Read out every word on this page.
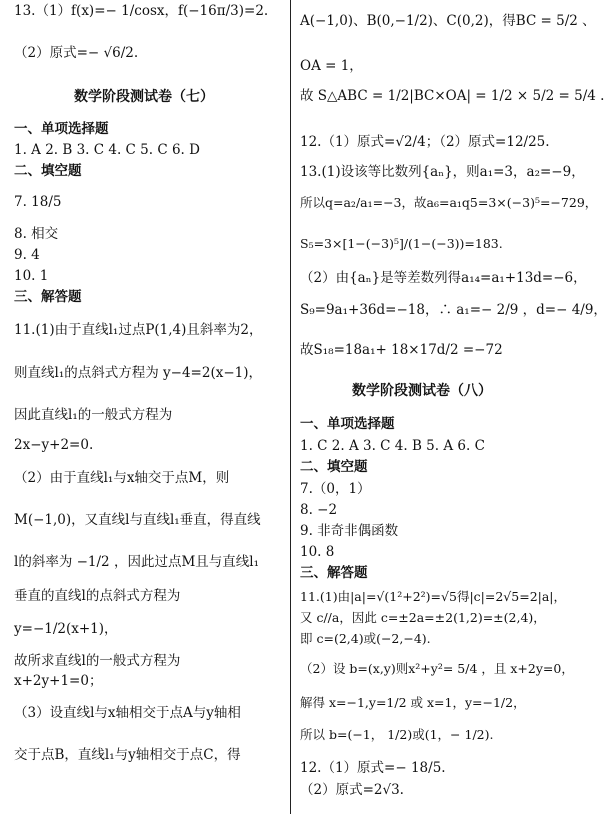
13.（1）f(x)=− 1/cosx，f(−16π/3)=2.
（2）原式=− √6/2.
数学阶段测试卷（七）
一、单项选择题
1. A 2. B 3. C 4. C 5. C 6. D
二、填空题
7. 18/5
8. 相交
9. 4
10. 1
三、解答题
11.(1)由于直线l₁过点P(1,4)且斜率为2，
则直线l₁的点斜式方程为 y−4=2(x−1)，
因此直线l₁的一般式方程为
2x−y+2=0.
（2）由于直线l₁与x轴交于点M，则
M(−1,0)，又直线l与直线l₁垂直，得直线
l的斜率为 −1/2 ，因此过点M且与直线l₁
垂直的直线l的点斜式方程为
y=−1/2(x+1)，
故所求直线l的一般式方程为
x+2y+1=0；
（3）设直线l与x轴相交于点A与y轴相
交于点B，直线l₁与y轴相交于点C，得
A(−1,0)、B(0,−1/2)、C(0,2)，得BC = 5/2 、
OA = 1，
故 S△ABC = 1/2|BC×OA| = 1/2 × 5/2 = 5/4 .
12.（1）原式=√2/4；（2）原式=12/25.
13.(1)设该等比数列{aₙ}，则a₁=3，a₂=−9，
所以q=a₂/a₁=−3，故a₆=a₁q5=3×(−3)⁵=−729，
S₅=3×[1−(−3)⁵]/(1−(−3))=183.
（2）由{aₙ}是等差数列得a₁₄=a₁+13d=−6，
S₉=9a₁+36d=−18，∴ a₁=− 2/9 ，d=− 4/9，
故S₁₈=18a₁+ 18×17d/2 =−72
数学阶段测试卷（八）
一、单项选择题
1. C 2. A 3. C 4. B 5. A 6. C
二、填空题
7.（0，1）
8. −2
9. 非奇非偶函数
10. 8
三、解答题
11.(1)由|a|=√(1²+2²)=√5得|c|=2√5=2|a|，
又 c//a，因此 c=±2a=±2(1,2)=±(2,4)，
即 c=(2,4)或(−2,−4).
（2）设 b=(x,y)则x²+y²= 5/4 ，且 x+2y=0，
解得 x=−1,y=1/2 或 x=1，y=−1/2，
所以 b=(−1， 1/2)或(1，− 1/2).
12.（1）原式=− 18/5.
（2）原式=2√3.
